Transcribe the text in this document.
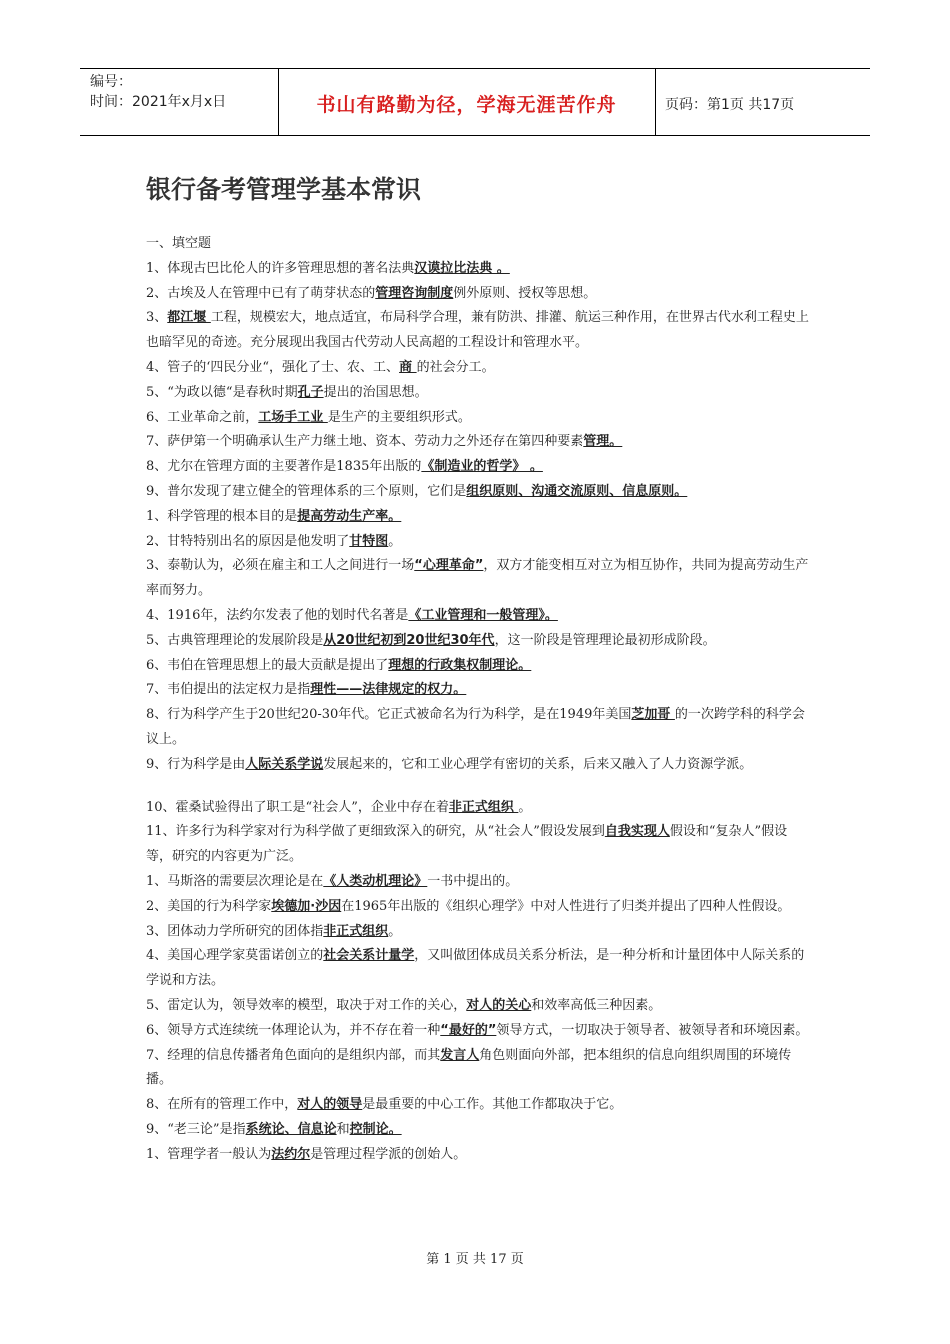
编号：
时间：2021年x月x日	书山有路勤为径，学海无涯苦作舟	页码：第1页 共17页
银行备考管理学基本常识

一、填空题

1、体现古巴比伦人的许多管理思想的著名法典汉谟拉比法典 。

2、古埃及人在管理中已有了萌芽状态的管理咨询制度例外原则、授权等思想。

3、都江堰 工程，规模宏大，地点适宜，布局科学合理，兼有防洪、排灌、航运三种作用，在世界古代水利工程史上也暗罕见的奇迹。充分展现出我国古代劳动人民高超的工程设计和管理水平。

4、管子的‘四民分业“，强化了士、农、工、商 的社会分工。

5、“为政以德“是春秋时期孔子提出的治国思想。

6、工业革命之前，工场手工业 是生产的主要组织形式。

7、萨伊第一个明确承认生产力继土地、资本、劳动力之外还存在第四种要素管理。

8、尤尔在管理方面的主要著作是1835年出版的《制造业的哲学》 。

9、普尔发现了建立健全的管理体系的三个原则，它们是组织原则、沟通交流原则、信息原则。

1、科学管理的根本目的是提高劳动生产率。

2、甘特特别出名的原因是他发明了甘特图。

3、泰勒认为，必须在雇主和工人之间进行一场“心理革命”，双方才能变相互对立为相互协作，共同为提高劳动生产率而努力。

4、1916年，法约尔发表了他的划时代名著是《工业管理和一般管理》。

5、古典管理理论的发展阶段是从20世纪初到20世纪30年代，这一阶段是管理理论最初形成阶段。

6、韦伯在管理思想上的最大贡献是提出了理想的行政集权制理论。

7、韦伯提出的法定权力是指理性——法律规定的权力。

8、行为科学产生于20世纪20-30年代。它正式被命名为行为科学，是在1949年美国芝加哥 的一次跨学科的科学会议上。

9、行为科学是由人际关系学说发展起来的，它和工业心理学有密切的关系，后来又融入了人力资源学派。

10、霍桑试验得出了职工是“社会人”，企业中存在着非正式组织 。

11、许多行为科学家对行为科学做了更细致深入的研究，从“社会人”假设发展到自我实现人假设和“复杂人”假设等，研究的内容更为广泛。

1、马斯洛的需要层次理论是在《人类动机理论》一书中提出的。

2、美国的行为科学家埃德加·沙因在1965年出版的《组织心理学》中对人性进行了归类并提出了四种人性假设。

3、团体动力学所研究的团体指非正式组织。

4、美国心理学家莫雷诺创立的社会关系计量学，又叫做团体成员关系分析法，是一种分析和计量团体中人际关系的学说和方法。

5、雷定认为，领导效率的模型，取决于对工作的关心，对人的关心和效率高低三种因素。

6、领导方式连续统一体理论认为，并不存在着一种“最好的”领导方式，一切取决于领导者、被领导者和环境因素。

7、经理的信息传播者角色面向的是组织内部，而其发言人角色则面向外部，把本组织的信息向组织周围的环境传播。

8、在所有的管理工作中，对人的领导是最重要的中心工作。其他工作都取决于它。

9、“老三论”是指系统论、信息论和控制论。

1、管理学者一般认为法约尔是管理过程学派的创始人。

第 1 页 共 17 页
